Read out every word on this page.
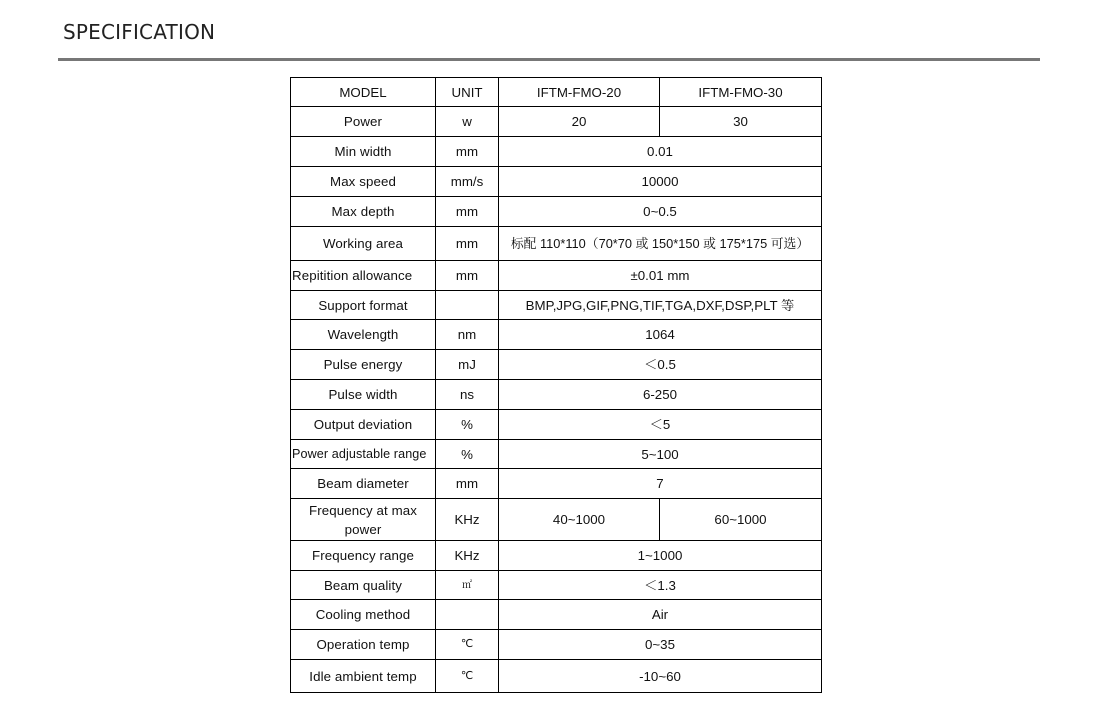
SPECIFICATION
MODEL	UNIT	IFTM-FMO-20	IFTM-FMO-30
Power	w	20	30
Min width	mm	0.01	
Max speed	mm/s	10000	
Max depth	mm	0~0.5	
Working area	mm	标配 110*110（70*70 或 150*150 或 175*175 可选）	
Repitition allowance	mm	±0.01 mm	
Support format		BMP,JPG,GIF,PNG,TIF,TGA,DXF,DSP,PLT 等	
Wavelength	nm	1064	
Pulse energy	mJ	＜0.5	
Pulse width	ns	6-250	
Output deviation	%	＜5	
Power adjustable range	%	5~100	
Beam diameter	mm	7	
Frequency at max power	KHz	40~1000	60~1000
Frequency range	KHz	1~1000	
Beam quality	㎡	＜1.3	
Cooling method		Air	
Operation temp	℃	0~35	
Idle ambient temp	℃	-10~60	
